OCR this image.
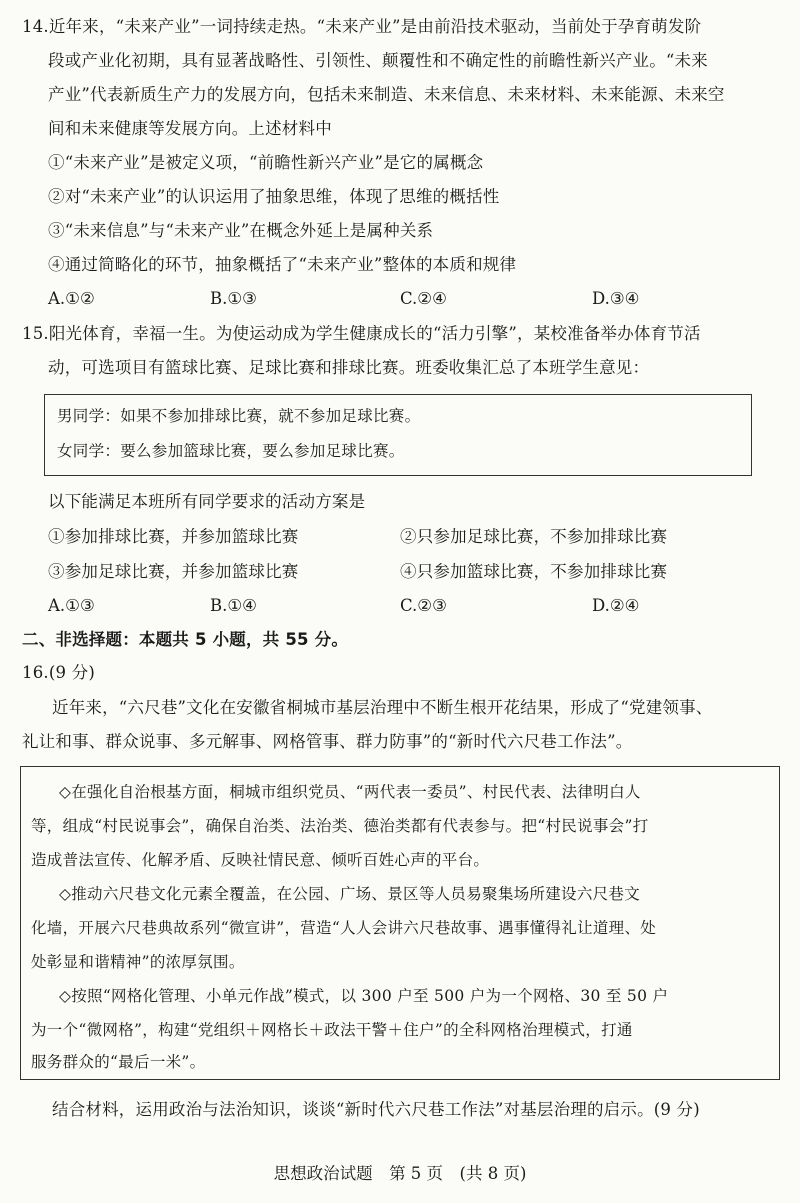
14.近年来，“未来产业”一词持续走热。“未来产业”是由前沿技术驱动，当前处于孕育萌发阶
段或产业化初期，具有显著战略性、引领性、颠覆性和不确定性的前瞻性新兴产业。“未来
产业”代表新质生产力的发展方向，包括未来制造、未来信息、未来材料、未来能源、未来空
间和未来健康等发展方向。上述材料中
①“未来产业”是被定义项，“前瞻性新兴产业”是它的属概念
②对“未来产业”的认识运用了抽象思维，体现了思维的概括性
③“未来信息”与“未来产业”在概念外延上是属种关系
④通过简略化的环节，抽象概括了“未来产业”整体的本质和规律
A.①②	B.①③	C.②④	D.③④
15.阳光体育，幸福一生。为使运动成为学生健康成长的“活力引擎”，某校准备举办体育节活
动，可选项目有篮球比赛、足球比赛和排球比赛。班委收集汇总了本班学生意见：
男同学：如果不参加排球比赛，就不参加足球比赛。
女同学：要么参加篮球比赛，要么参加足球比赛。
以下能满足本班所有同学要求的活动方案是
①参加排球比赛，并参加篮球比赛	②只参加足球比赛，不参加排球比赛
③参加足球比赛，并参加篮球比赛	④只参加篮球比赛，不参加排球比赛
A.①③	B.①④	C.②③	D.②④
二、非选择题：本题共 5 小题，共 55 分。
16.(9 分)
近年来，“六尺巷”文化在安徽省桐城市基层治理中不断生根开花结果，形成了“党建领事、
礼让和事、群众说事、多元解事、网格管事、群力防事”的“新时代六尺巷工作法”。
◇在强化自治根基方面，桐城市组织党员、“两代表一委员”、村民代表、法律明白人
等，组成“村民说事会”，确保自治类、法治类、德治类都有代表参与。把“村民说事会”打
造成普法宣传、化解矛盾、反映社情民意、倾听百姓心声的平台。
◇推动六尺巷文化元素全覆盖，在公园、广场、景区等人员易聚集场所建设六尺巷文
化墙，开展六尺巷典故系列“微宣讲”，营造“人人会讲六尺巷故事、遇事懂得礼让道理、处
处彰显和谐精神”的浓厚氛围。
◇按照“网格化管理、小单元作战”模式，以 300 户至 500 户为一个网格、30 至 50 户
为一个“微网格”，构建“党组织＋网格长＋政法干警＋住户”的全科网格治理模式，打通
服务群众的“最后一米”。
结合材料，运用政治与法治知识，谈谈“新时代六尺巷工作法”对基层治理的启示。(9 分)
思想政治试题　第 5 页　(共 8 页)
